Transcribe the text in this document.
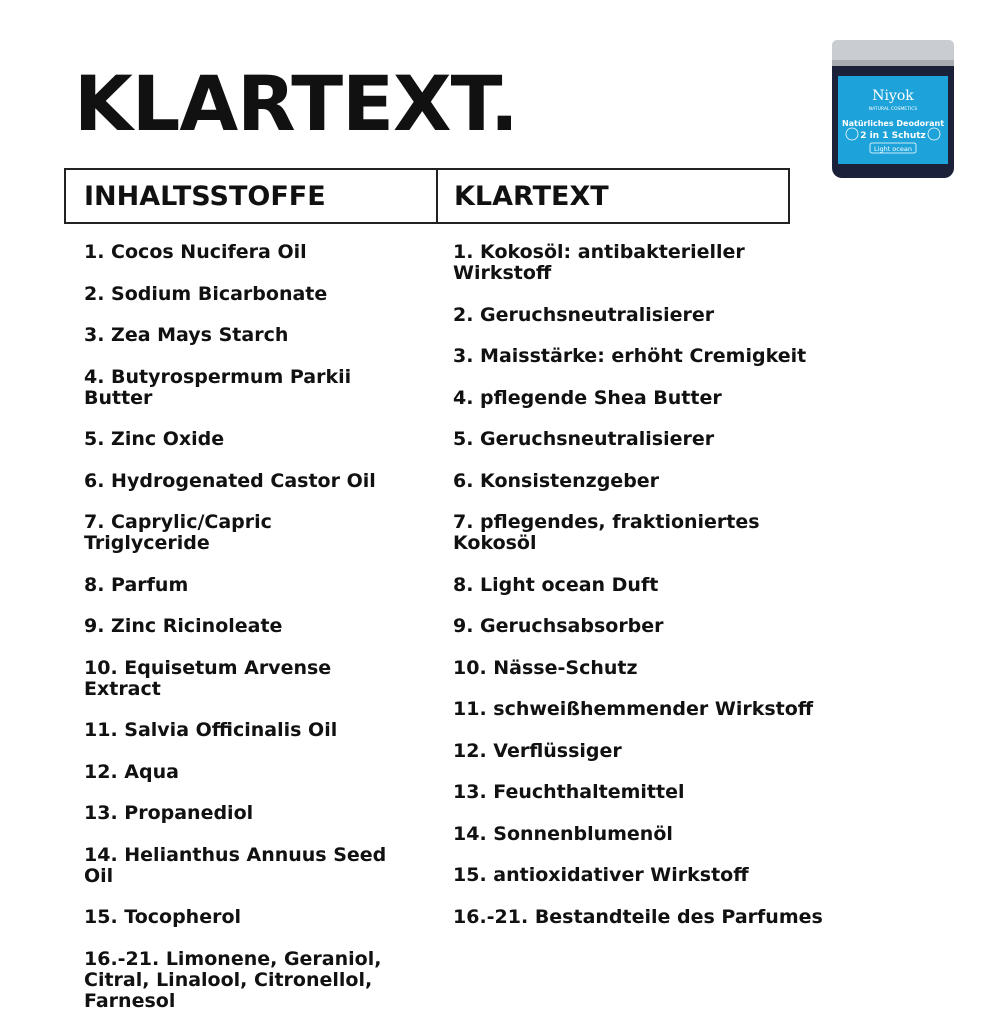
KLARTEXT.
INHALTSSTOFFE	KLARTEXT
1. Cocos Nucifera Oil
2. Sodium Bicarbonate
3. Zea Mays Starch
4. Butyrospermum Parkii Butter
5. Zinc Oxide
6. Hydrogenated Castor Oil
7. Caprylic/Capric Triglyceride
8. Parfum
9. Zinc Ricinoleate
10. Equisetum Arvense Extract
11. Salvia Officinalis Oil
12. Aqua
13. Propanediol
14. Helianthus Annuus Seed Oil
15. Tocopherol
16.-21. Limonene, Geraniol, Citral, Linalool, Citronellol, Farnesol
1. Kokosöl: antibakterieller Wirkstoff
2. Geruchsneutralisierer
3. Maisstärke: erhöht Cremigkeit
4. pflegende Shea Butter
5. Geruchsneutralisierer
6. Konsistenzgeber
7. pflegendes, fraktioniertes Kokosöl
8. Light ocean Duft
9. Geruchsabsorber
10. Nässe-Schutz
11. schweißhemmender Wirkstoff
12. Verflüssiger
13. Feuchthaltemittel
14. Sonnenblumenöl
15. antioxidativer Wirkstoff
16.-21. Bestandteile des Parfumes
Niyok
NATURAL COSMETICS
Natürliches Deodorant
2 in 1 Schutz
Light ocean
